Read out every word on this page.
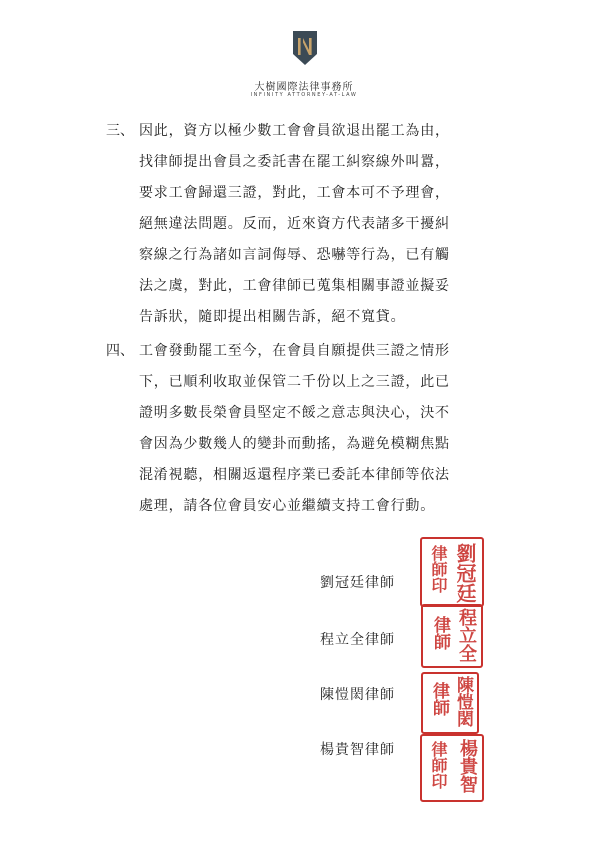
大樹國際法律事務所
INFINITY ATTORNEY-AT-LAW
三、 因此，資方以極少數工會會員欲退出罷工為由，
找律師提出會員之委託書在罷工糾察線外叫囂，
要求工會歸還三證，對此，工會本可不予理會，
絕無違法問題。反而，近來資方代表諸多干擾糾
察線之行為諸如言詞侮辱、恐嚇等行為，已有觸
法之虞，對此，工會律師已蒐集相關事證並擬妥
告訴狀，隨即提出相關告訴，絕不寬貸。
四、 工會發動罷工至今，在會員自願提供三證之情形
下，已順利收取並保管二千份以上之三證，此已
證明多數長榮會員堅定不餒之意志與決心，決不
會因為少數幾人的變卦而動搖，為避免模糊焦點
混淆視聽，相關返還程序業已委託本律師等依法
處理，請各位會員安心並繼續支持工會行動。
劉冠廷律師
程立全律師
陳愷閎律師
楊貴智律師
劉冠廷
律師印
程立全
律師
陳愷閎
律師
楊貴智
律師印
